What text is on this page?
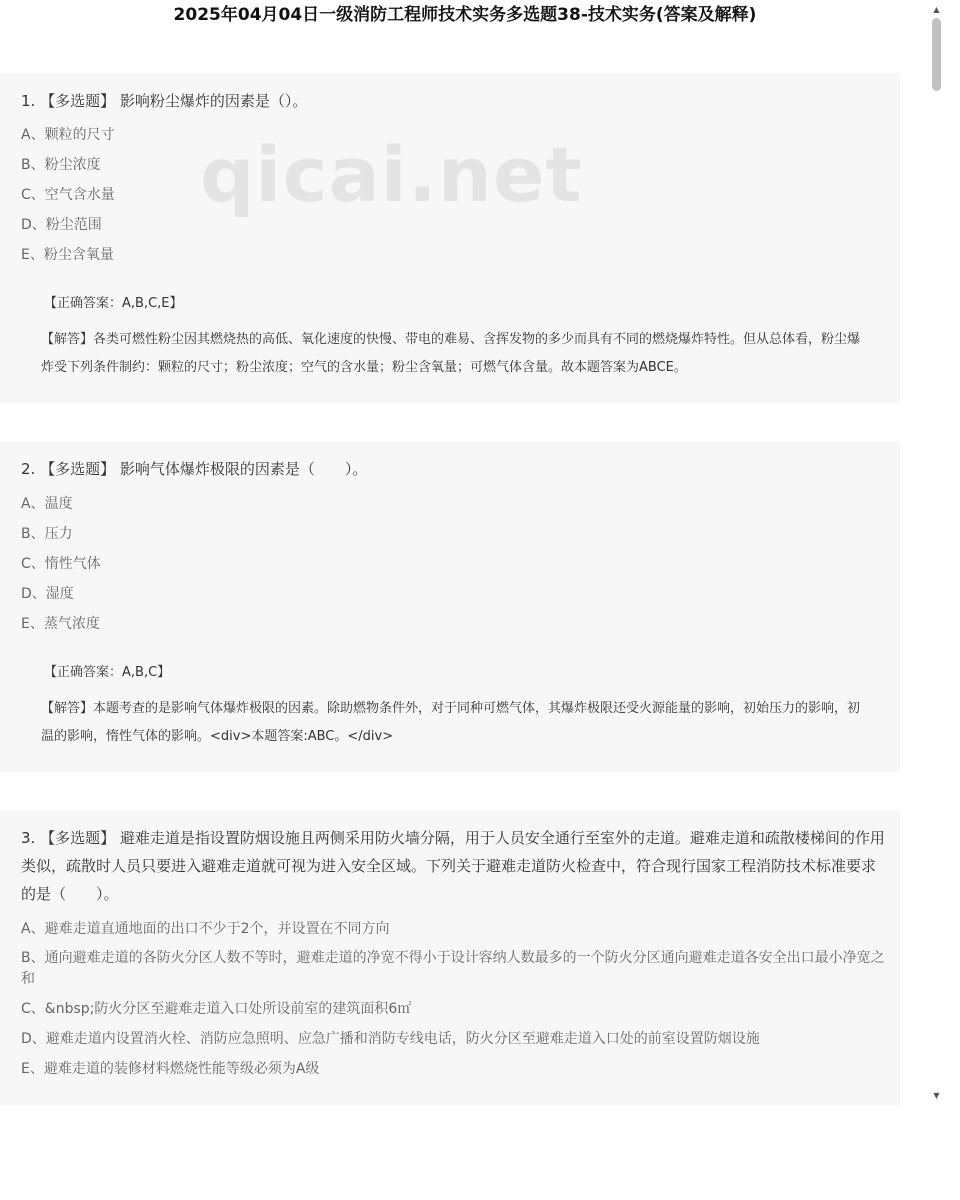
2025年04月04日一级消防工程师技术实务多选题38-技术实务(答案及解释)
1. 【多选题】 影响粉尘爆炸的因素是（）。
A、颗粒的尺寸
B、粉尘浓度
C、空气含水量
D、粉尘范围
E、粉尘含氧量
【正确答案：A,B,C,E】
【解答】各类可燃性粉尘因其燃烧热的高低、氧化速度的快慢、带电的难易、含挥发物的多少而具有不同的燃烧爆炸特性。但从总体看，粉尘爆炸受下列条件制约：颗粒的尺寸；粉尘浓度；空气的含水量；粉尘含氧量；可燃气体含量。故本题答案为ABCE。
2. 【多选题】 影响气体爆炸极限的因素是（　　）。
A、温度
B、压力
C、惰性气体
D、湿度
E、蒸气浓度
【正确答案：A,B,C】
【解答】本题考查的是影响气体爆炸极限的因素。除助燃物条件外，对于同种可燃气体，其爆炸极限还受火源能量的影响，初始压力的影响，初温的影响，惰性气体的影响。<div>本题答案:ABC。</div>
3. 【多选题】 避难走道是指设置防烟设施且两侧采用防火墙分隔，用于人员安全通行至室外的走道。避难走道和疏散楼梯间的作用类似，疏散时人员只要进入避难走道就可视为进入安全区域。下列关于避难走道防火检查中，符合现行国家工程消防技术标准要求的是（　　）。
A、避难走道直通地面的出口不少于2个，并设置在不同方向
B、通向避难走道的各防火分区人数不等时，避难走道的净宽不得小于设计容纳人数最多的一个防火分区通向避难走道各安全出口最小净宽之和
C、&nbsp;防火分区至避难走道入口处所设前室的建筑面积6㎡
D、避难走道内设置消火栓、消防应急照明、应急广播和消防专线电话，防火分区至避难走道入口处的前室设置防烟设施
E、避难走道的装修材料燃烧性能等级必须为A级
qicai.net
▲
▼
